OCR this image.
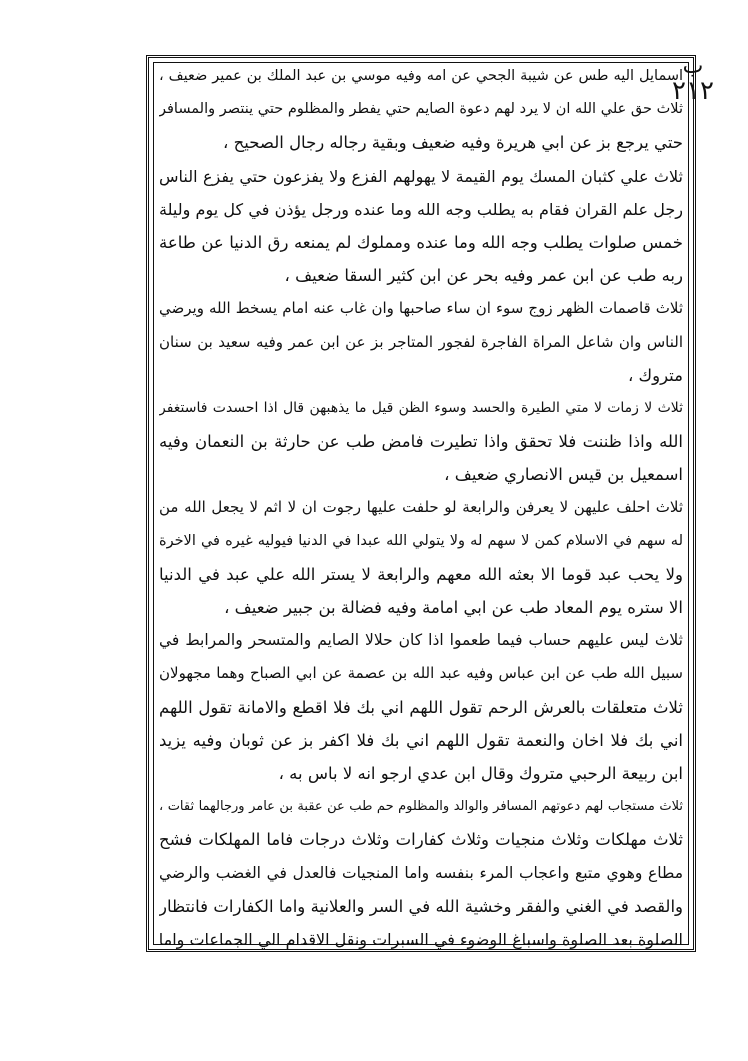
ب
٢١٢
اسمايل اليه طس عن شيبة الجحي عن امه وفيه موسي بن عبد الملك بن عمير ضعيف ،
ثلاث حق علي الله ان لا يرد لهم دعوة الصايم حتي يفطر والمظلوم حتي ينتصر والمسافر
حتي يرجع بز عن ابي هريرة وفيه ضعيف وبقية رجاله رجال الصحيح ،
ثلاث علي كثبان المسك يوم القيمة لا يهولهم الفزع ولا يفزعون حتي يفزع الناس
رجل علم القران فقام به يطلب وجه الله وما عنده ورجل يؤذن في كل يوم وليلة
خمس صلوات يطلب وجه الله وما عنده ومملوك لم يمنعه رق الدنيا عن طاعة
ربه طب عن ابن عمر وفيه بحر عن ابن كثير السقا ضعيف ،
ثلاث قاصمات الظهر زوج سوء ان ساء صاحبها وان غاب عنه امام يسخط الله ويرضي
الناس وان شاعل المراة الفاجرة لفجور المتاجر بز عن ابن عمر وفيه سعيد بن سنان
متروك ،
ثلاث لا زمات لا متي الطيرة والحسد وسوء الظن قيل ما يذهبهن قال اذا احسدت فاستغفر
الله واذا ظننت فلا تحقق واذا تطيرت فامض طب عن حارثة بن النعمان وفيه
اسمعيل بن قيس الانصاري ضعيف ،
ثلاث احلف عليهن لا يعرفن والرابعة لو حلفت عليها رجوت ان لا اثم لا يجعل الله من
له سهم في الاسلام كمن لا سهم له ولا يتولي الله عبدا في الدنيا فيوليه غيره في الاخرة
ولا يحب عبد قوما الا بعثه الله معهم والرابعة لا يستر الله علي عبد في الدنيا
الا ستره يوم المعاد طب عن ابي امامة وفيه فضالة بن جبير ضعيف ،
ثلاث ليس عليهم حساب فيما طعموا اذا كان حلالا الصايم والمتسحر والمرابط في
سبيل الله طب عن ابن عباس وفيه عبد الله بن عصمة عن ابي الصباح وهما مجهولان
ثلاث متعلقات بالعرش الرحم تقول اللهم اني بك فلا اقطع والامانة تقول اللهم
اني بك فلا اخان والنعمة تقول اللهم اني بك فلا اكفر بز عن ثوبان وفيه يزيد
ابن ربيعة الرحبي متروك وقال ابن عدي ارجو انه لا باس به ،
ثلاث مستجاب لهم دعوتهم المسافر والوالد والمظلوم حم طب عن عقبة بن عامر ورجالهما ثقات ،
ثلاث مهلكات وثلاث منجيات وثلاث كفارات وثلاث درجات فاما المهلكات فشح
مطاع وهوي متبع واعجاب المرء بنفسه واما المنجيات فالعدل في الغضب والرضي
والقصد في الغني والفقر وخشية الله في السر والعلانية واما الكفارات فانتظار
الصلوة بعد الصلوة واسباغ الوضوء في السبرات ونقل الاقدام الي الجماعات واما
